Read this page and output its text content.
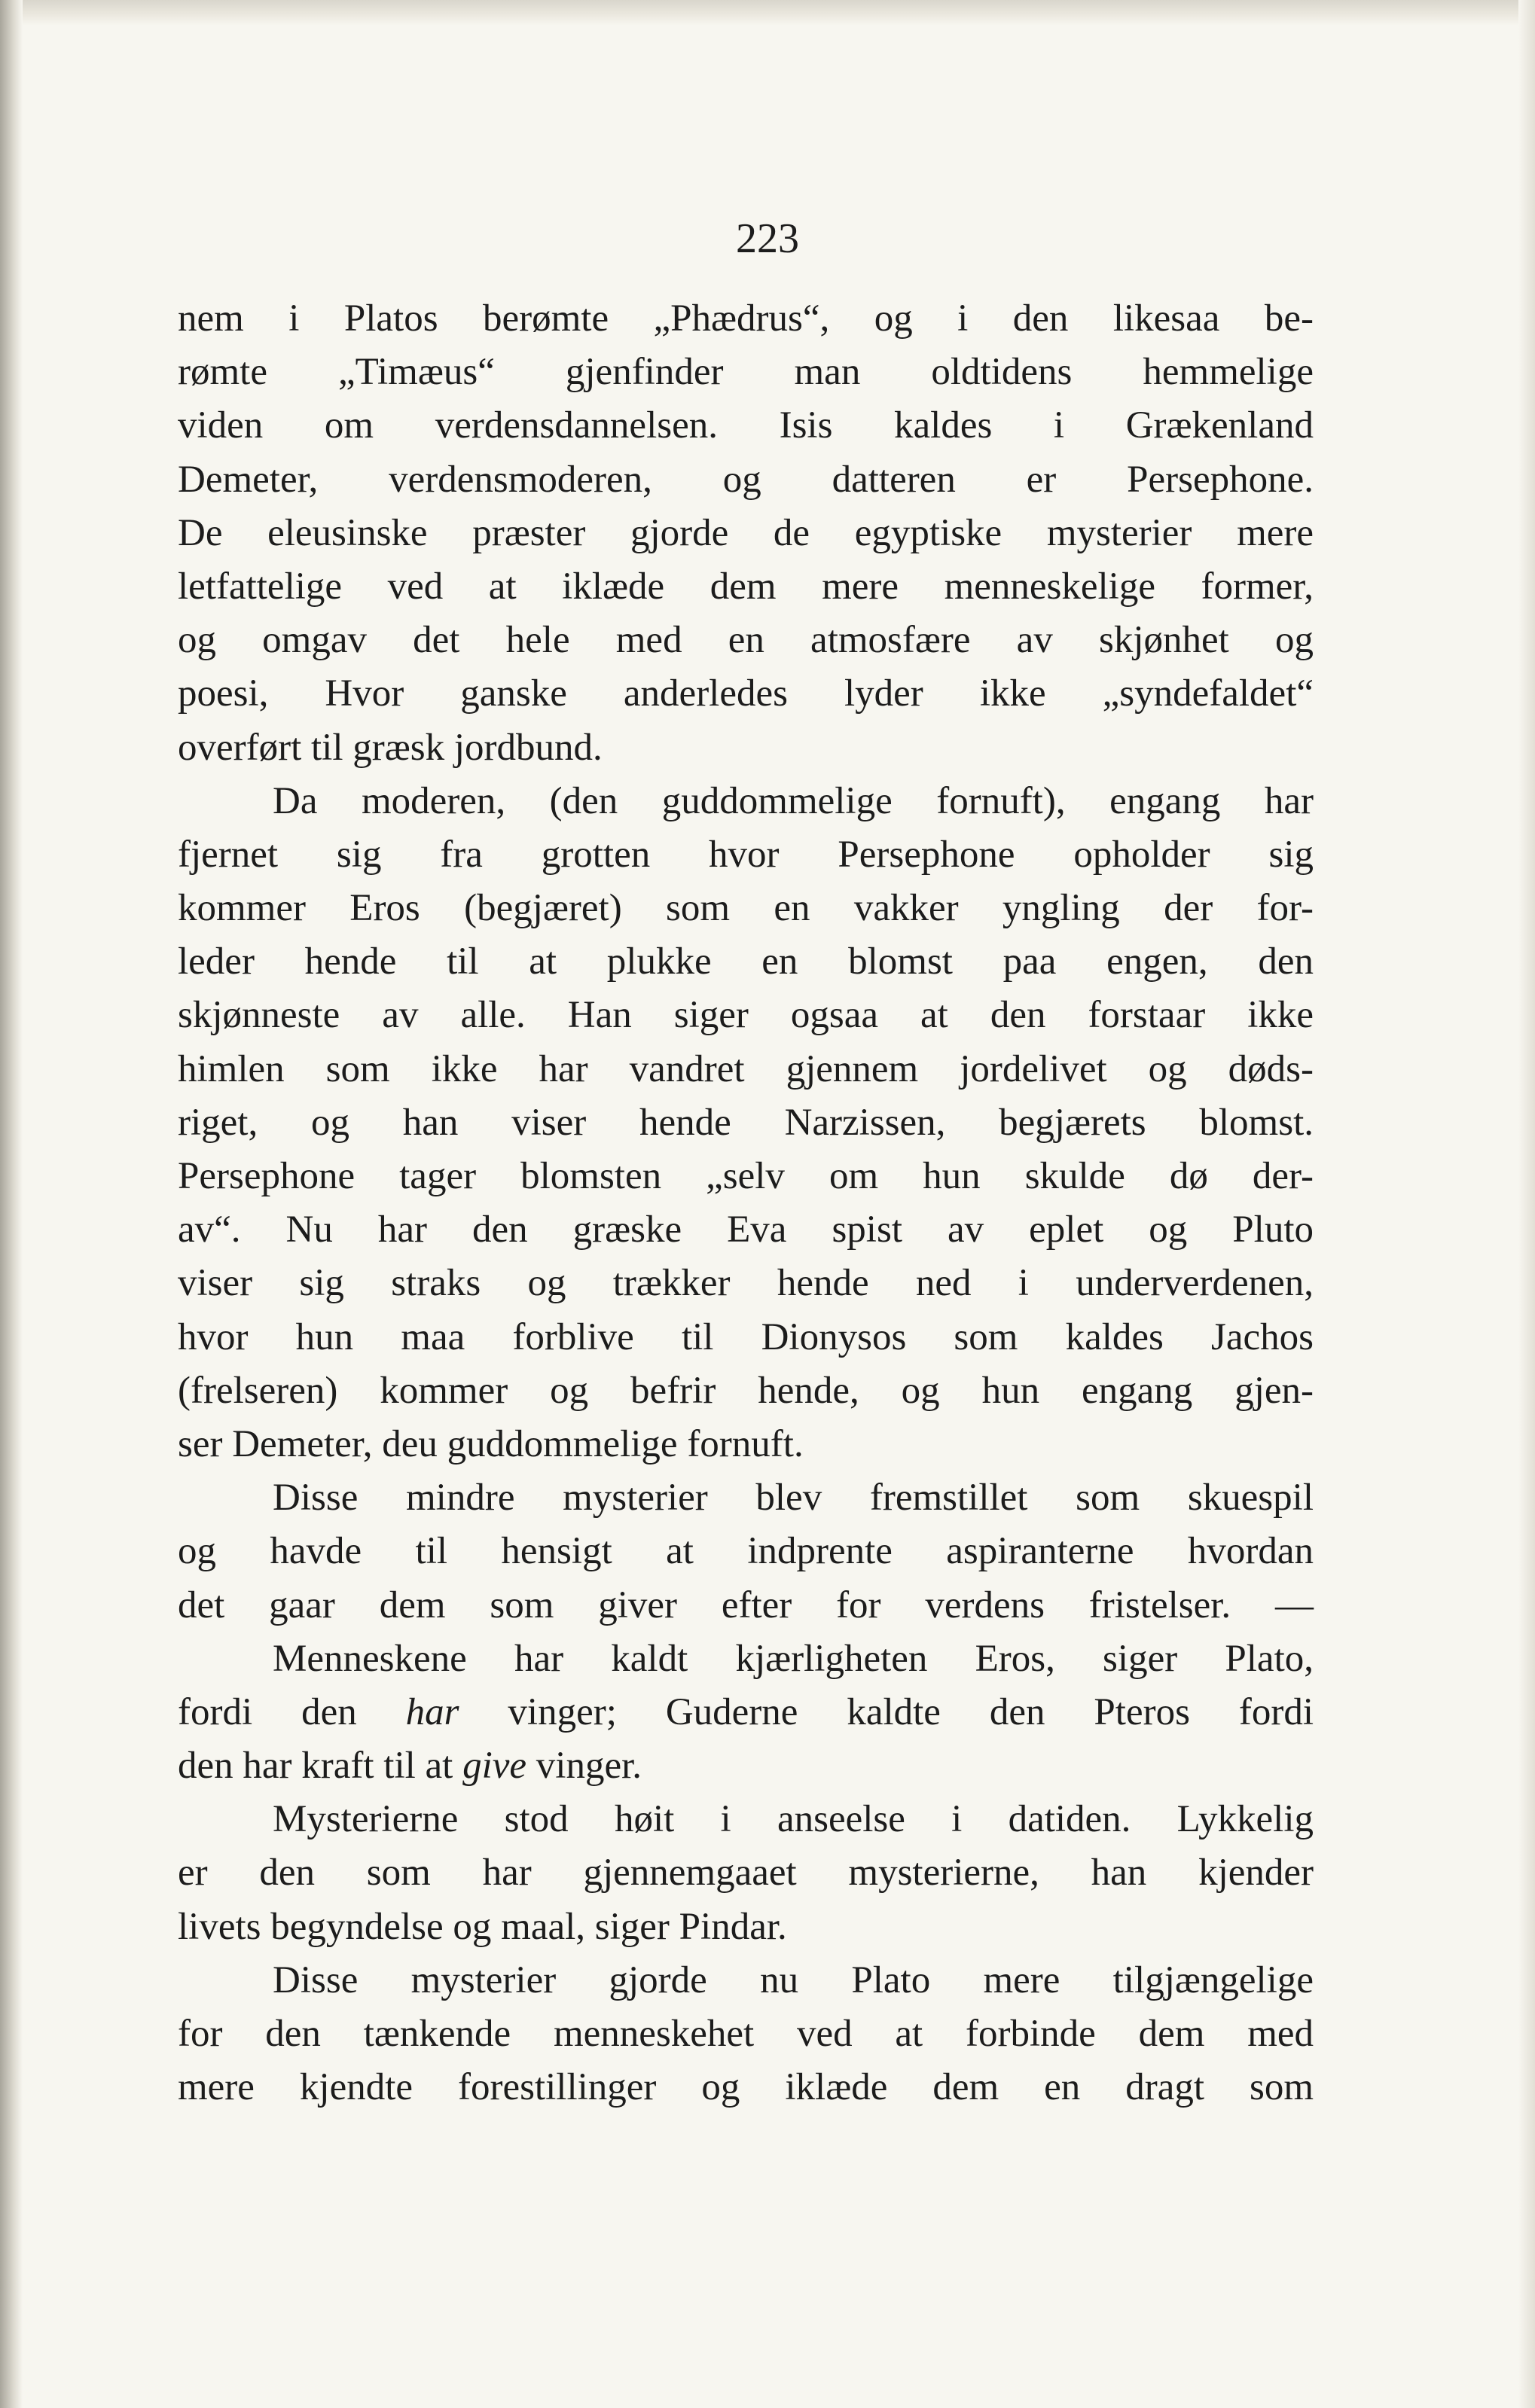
223
nem i Platos berømte „Phædrus“, og i den likesaa be-
rømte „Timæus“ gjenfinder man oldtidens hemmelige
viden om verdensdannelsen. Isis kaldes i Grækenland
Demeter, verdensmoderen, og datteren er Persephone.
De eleusinske præster gjorde de egyptiske mysterier mere
letfattelige ved at iklæde dem mere menneskelige former,
og omgav det hele med en atmosfære av skjønhet og
poesi, Hvor ganske anderledes lyder ikke „syndefaldet“
overført til græsk jordbund.
Da moderen, (den guddommelige fornuft), engang har
fjernet sig fra grotten hvor Persephone opholder sig
kommer Eros (begjæret) som en vakker yngling der for-
leder hende til at plukke en blomst paa engen, den
skjønneste av alle. Han siger ogsaa at den forstaar ikke
himlen som ikke har vandret gjennem jordelivet og døds-
riget, og han viser hende Narzissen, begjærets blomst.
Persephone tager blomsten „selv om hun skulde dø der-
av“. Nu har den græske Eva spist av eplet og Pluto
viser sig straks og trækker hende ned i underverdenen,
hvor hun maa forblive til Dionysos som kaldes Jachos
(frelseren) kommer og befrir hende, og hun engang gjen-
ser Demeter, deu guddommelige fornuft.
Disse mindre mysterier blev fremstillet som skuespil
og havde til hensigt at indprente aspiranterne hvordan
det gaar dem som giver efter for verdens fristelser. —
Menneskene har kaldt kjærligheten Eros, siger Plato,
fordi den har vinger; Guderne kaldte den Pteros fordi
den har kraft til at give vinger.
Mysterierne stod høit i anseelse i datiden. Lykkelig
er den som har gjennemgaaet mysterierne, han kjender
livets begyndelse og maal, siger Pindar.
Disse mysterier gjorde nu Plato mere tilgjængelige
for den tænkende menneskehet ved at forbinde dem med
mere kjendte forestillinger og iklæde dem en dragt som
